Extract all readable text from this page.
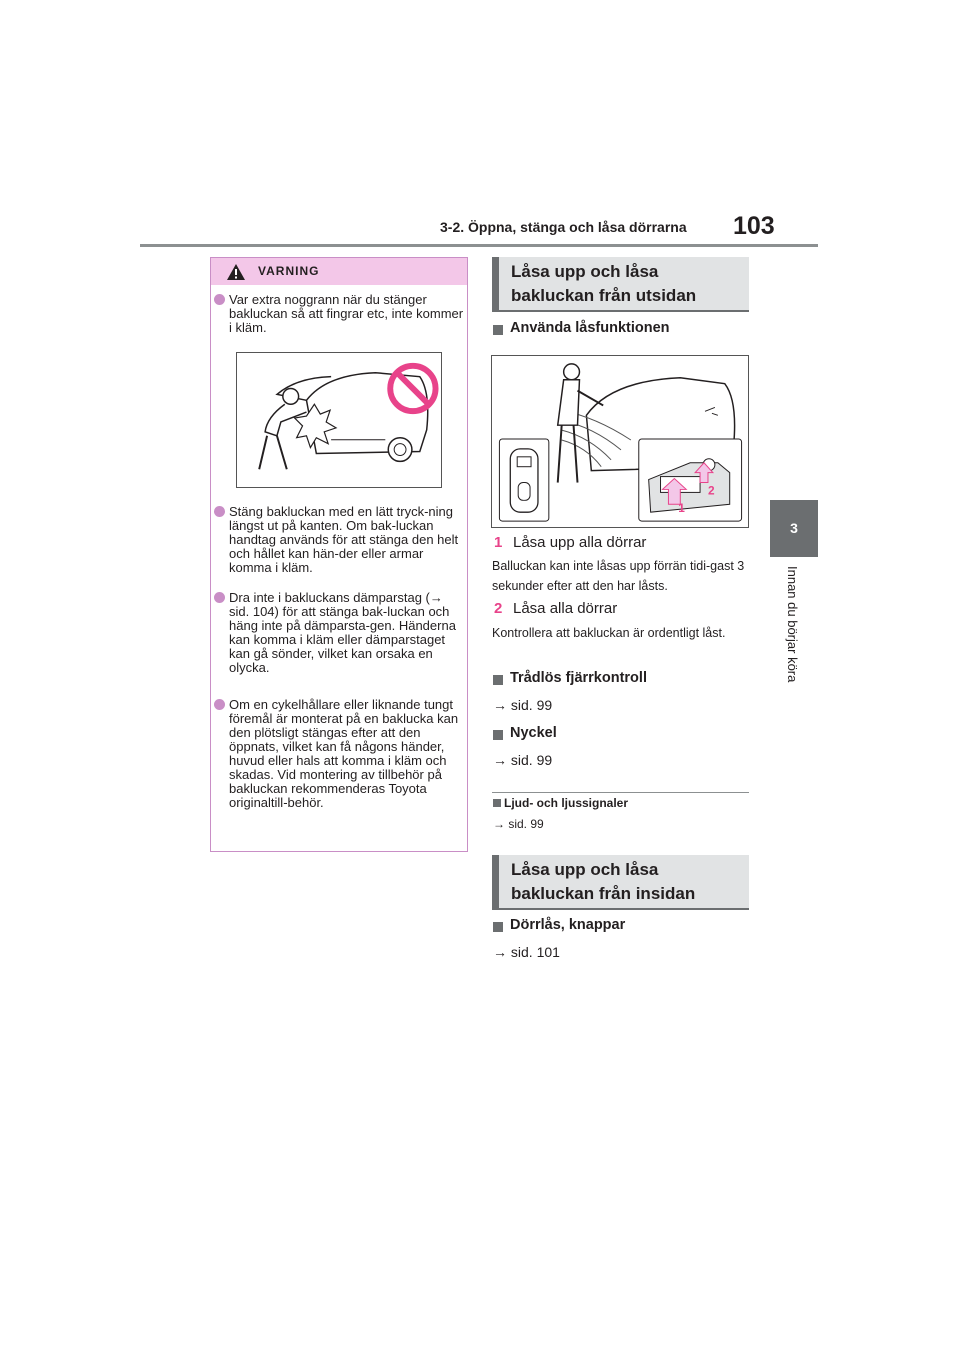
3-2. Öppna, stänga och låsa dörrarna 103
3
Innan du börjar köra
VARNING
Var extra noggrann när du stänger bakluckan så att fingrar etc, inte kommer i kläm.
Stäng bakluckan med en lätt tryck-ning längst ut på kanten. Om bak-luckan handtag används för att stänga den helt och hållet kan hän-der eller armar komma i kläm.
Dra inte i bakluckans dämparstag (→ sid. 104) för att stänga bak-luckan och häng inte på dämparsta-gen. Händerna kan komma i kläm eller dämparstaget kan gå sönder, vilket kan orsaka en olycka.
Om en cykelhållare eller liknande tungt föremål är monterat på en baklucka kan den plötsligt stängas efter att den öppnats, vilket kan få någons händer, huvud eller hals att komma i kläm och skadas. Vid montering av tillbehör på bakluckan rekommenderas Toyota originaltill-behör.
Låsa upp och låsa
bakluckan från utsidan
Använda låsfunktionen
1
2
1 Låsa upp alla dörrar
Balluckan kan inte låsas upp förrän tidi-gast 3 sekunder efter att den har låsts.
2 Låsa alla dörrar
Kontrollera att bakluckan är ordentligt låst.
Trådlös fjärrkontroll
→ sid. 99
Nyckel
→ sid. 99
Ljud- och ljussignaler
→ sid. 99
Låsa upp och låsa
bakluckan från insidan
Dörrlås, knappar
→ sid. 101
